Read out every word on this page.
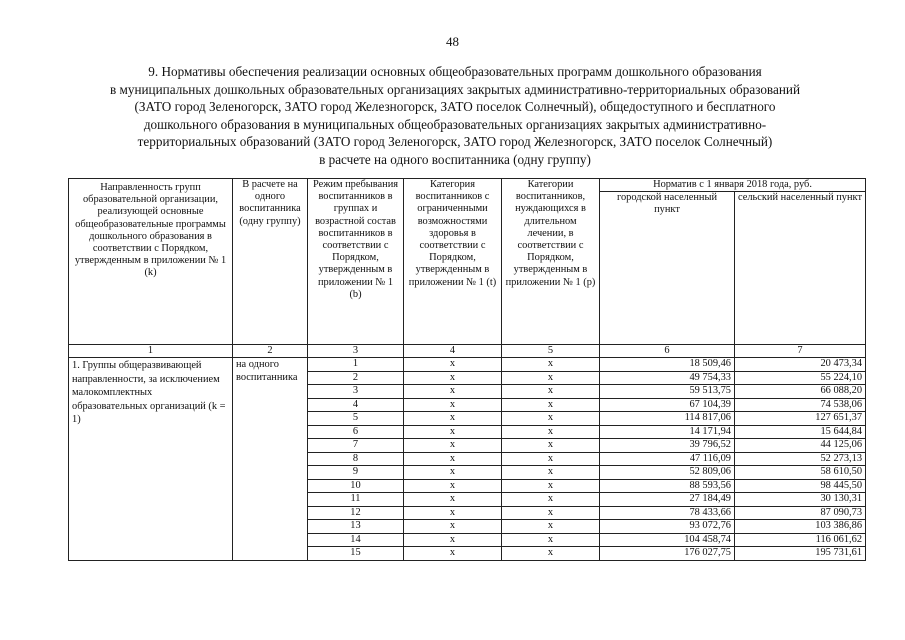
48
9. Нормативы обеспечения реализации основных общеобразовательных программ дошкольного образования
в муниципальных дошкольных образовательных организациях закрытых административно-территориальных образований
(ЗАТО город Зеленогорск, ЗАТО город Железногорск, ЗАТО поселок Солнечный), общедоступного и бесплатного
дошкольного образования в муниципальных общеобразовательных организациях закрытых административно-
территориальных образований (ЗАТО город Зеленогорск, ЗАТО город Железногорск, ЗАТО поселок Солнечный)
в расчете на одного воспитанника (одну группу)
Направленность групп образовательной организации, реализующей основные общеобразовательные программы дошкольного образования в соответствии с Порядком, утвержденным в приложении № 1 (k)	В расчете на одного воспитанника (одну группу)	Режим пребывания воспитанников в группах и возрастной состав воспитанников в соответствии с Порядком, утвержденным в приложении № 1 (b)	Категория воспитанников с ограниченными возможностями здоровья в соответствии с Порядком, утвержденным в приложении № 1 (t)	Категории воспитанников, нуждающихся в длительном лечении, в соответствии с Порядком, утвержденным в приложении № 1 (p)	Норматив с 1 января 2018 года, руб.	
					городской населенный пункт	сельский населенный пункт
1	2	3	4	5	6	7
1. Группы общеразвивающей направленности, за исключением малокомплектных образовательных организаций (k = 1)	на одного воспитанника	1	х	х	18 509,46	20 473,34
		2	х	х	49 754,33	55 224,10
		3	х	х	59 513,75	66 088,20
		4	х	х	67 104,39	74 538,06
		5	х	х	114 817,06	127 651,37
		6	х	х	14 171,94	15 644,84
		7	х	х	39 796,52	44 125,06
		8	х	х	47 116,09	52 273,13
		9	х	х	52 809,06	58 610,50
		10	х	х	88 593,56	98 445,50
		11	х	х	27 184,49	30 130,31
		12	х	х	78 433,66	87 090,73
		13	х	х	93 072,76	103 386,86
		14	х	х	104 458,74	116 061,62
		15	х	х	176 027,75	195 731,61
